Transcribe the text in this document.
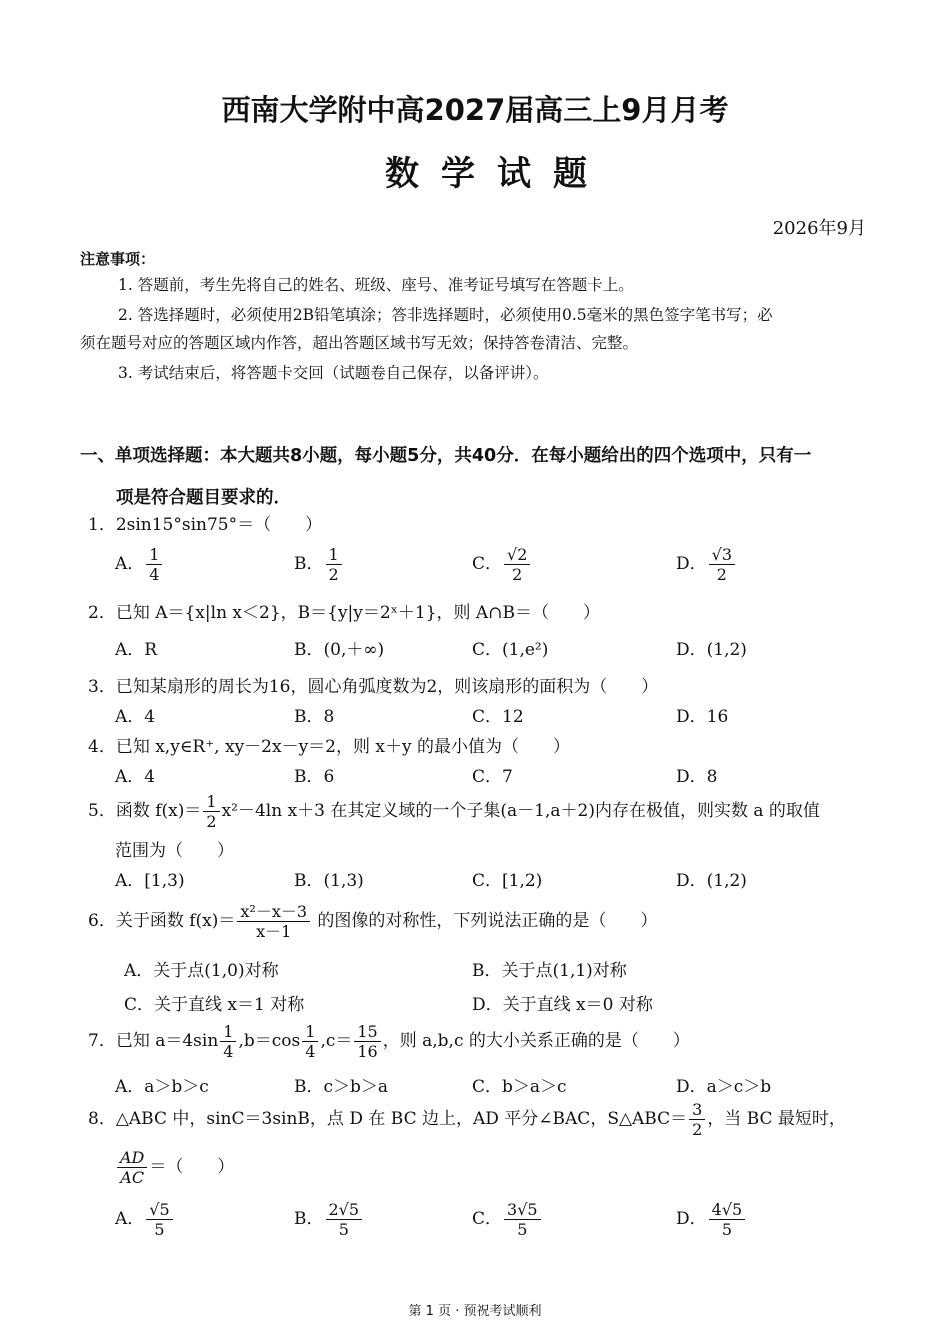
西南大学附中高2027届高三上9月月考
数学试题
2026年9月
注意事项：
1. 答题前，考生先将自己的姓名、班级、座号、准考证号填写在答题卡上。
2. 答选择题时，必须使用2B铅笔填涂；答非选择题时，必须使用0.5毫米的黑色签字笔书写；必
须在题号对应的答题区域内作答，超出答题区域书写无效；保持答卷清洁、完整。
3. 考试结束后，将答题卡交回（试题卷自己保存，以备评讲）。
一、单项选择题：本大题共8小题，每小题5分，共40分．在每小题给出的四个选项中，只有一
项是符合题目要求的．
1．2sin15°sin75°＝（　　）
A． $\frac{1}{4}$	B． $\frac{1}{2}$	C． $\frac{√2}{2}$	D． $\frac{√3}{2}$
2．已知 A＝{x|ln x＜2}，B＝{y|y＝2ˣ＋1}，则 A∩B＝（　　）
A．R	B．(0,＋∞)	C．(1,e²)	D．(1,2)
3．已知某扇形的周长为16，圆心角弧度数为2，则该扇形的面积为（　　）
A．4	B．8	C．12	D．16
4．已知 x,y∈R⁺, xy－2x－y＝2，则 x＋y 的最小值为（　　）
A．4	B．6	C．7	D．8
5．函数 $f(x)= \frac{1}{2} x^2-4\ln$ x＋3 在其定义域的一个子集(a－1,a＋2)内存在极值，则实数 a 的取值
范围为（　　）
A．[1,3)	B．(1,3)	C．[1,2)	D．(1,2)
6．关于函数 $f(x)= \frac{\text{x²－x－3}}{x-1}$ 的图像的对称性，下列说法正确的是（　　）
A．关于点(1,0)对称	B．关于点(1,1)对称
C．关于直线 x＝1 对称	D．关于直线 x＝0 对称
7．已知 $a=4\sin \frac{1}{4} ,b=\cos \frac{1}{4} ,c= \frac{15}{16}$ ，则 a,b,c 的大小关系正确的是（　　）
A．a＞b＞c	B．c＞b＞a	C．b＞a＞c	D．a＞c＞b
8．△ABC 中，sinC＝3sinB，点 D 在 BC 边上，AD 平分∠BAC，S△ABC＝ $\frac{3}{2}$ ，当 BC 最短时，
$\frac{AD}{AC}$ ＝（　　）
A． $\frac{√5}{5}$	B． $\frac{2√5}{5}$	C． $\frac{3√5}{5}$	D． $\frac{4√5}{5}$
第 1 页 · 预祝考试顺利
